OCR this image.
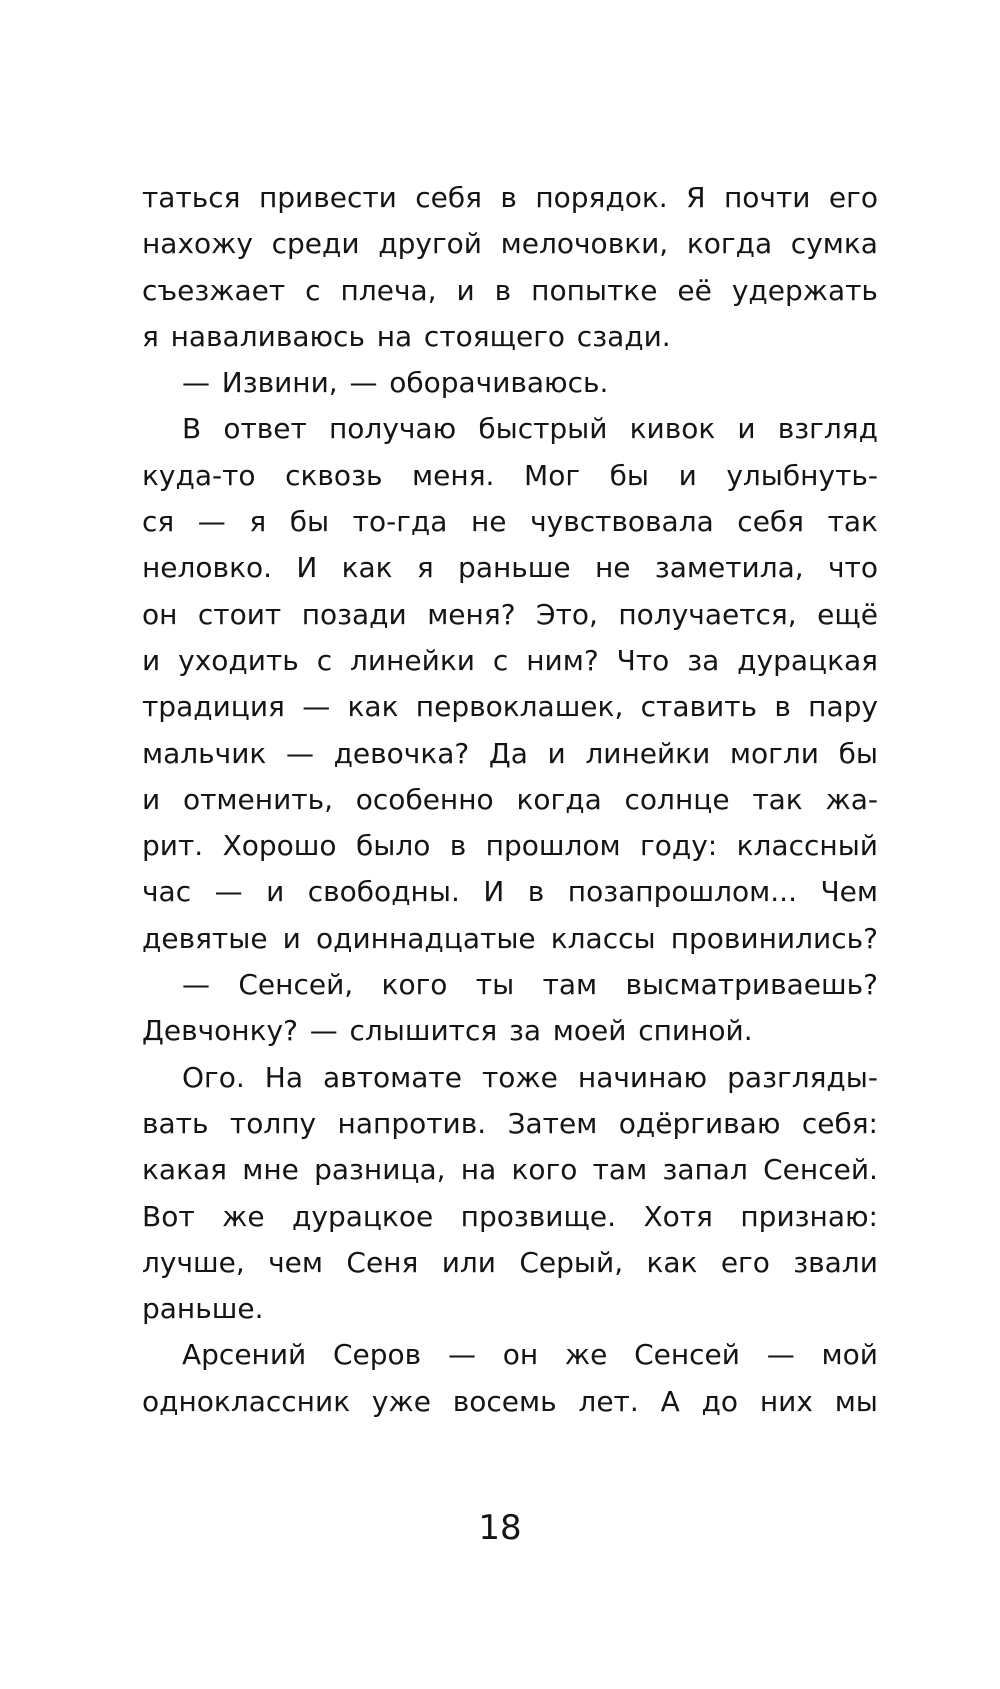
таться привести себя в порядок. Я почти его
нахожу среди другой мелочовки, когда сумка
съезжает с плеча, и в попытке её удержать
я наваливаюсь на стоящего сзади.
— Извини, — оборачиваюсь.
В ответ получаю быстрый кивок и взгляд
куда-то сквозь меня. Мог бы и улыбнуть-
ся — я бы то-гда не чувствовала себя так
неловко. И как я раньше не заметила, что
он стоит позади меня? Это, получается, ещё
и уходить с линейки с ним? Что за дурацкая
традиция — как первоклашек, ставить в пару
мальчик — девочка? Да и линейки могли бы
и отменить, особенно когда солнце так жа-
рит. Хорошо было в прошлом году: классный
час — и свободны. И в позапрошлом... Чем
девятые и одиннадцатые классы провинились?
— Сенсей, кого ты там высматриваешь?
Девчонку? — слышится за моей спиной.
Ого. На автомате тоже начинаю разгляды-
вать толпу напротив. Затем одёргиваю себя:
какая мне разница, на кого там запал Сенсей.
Вот же дурацкое прозвище. Хотя признаю:
лучше, чем Сеня или Серый, как его звали
раньше.
Арсений Серов — он же Сенсей — мой
одноклассник уже восемь лет. А до них мы
18
